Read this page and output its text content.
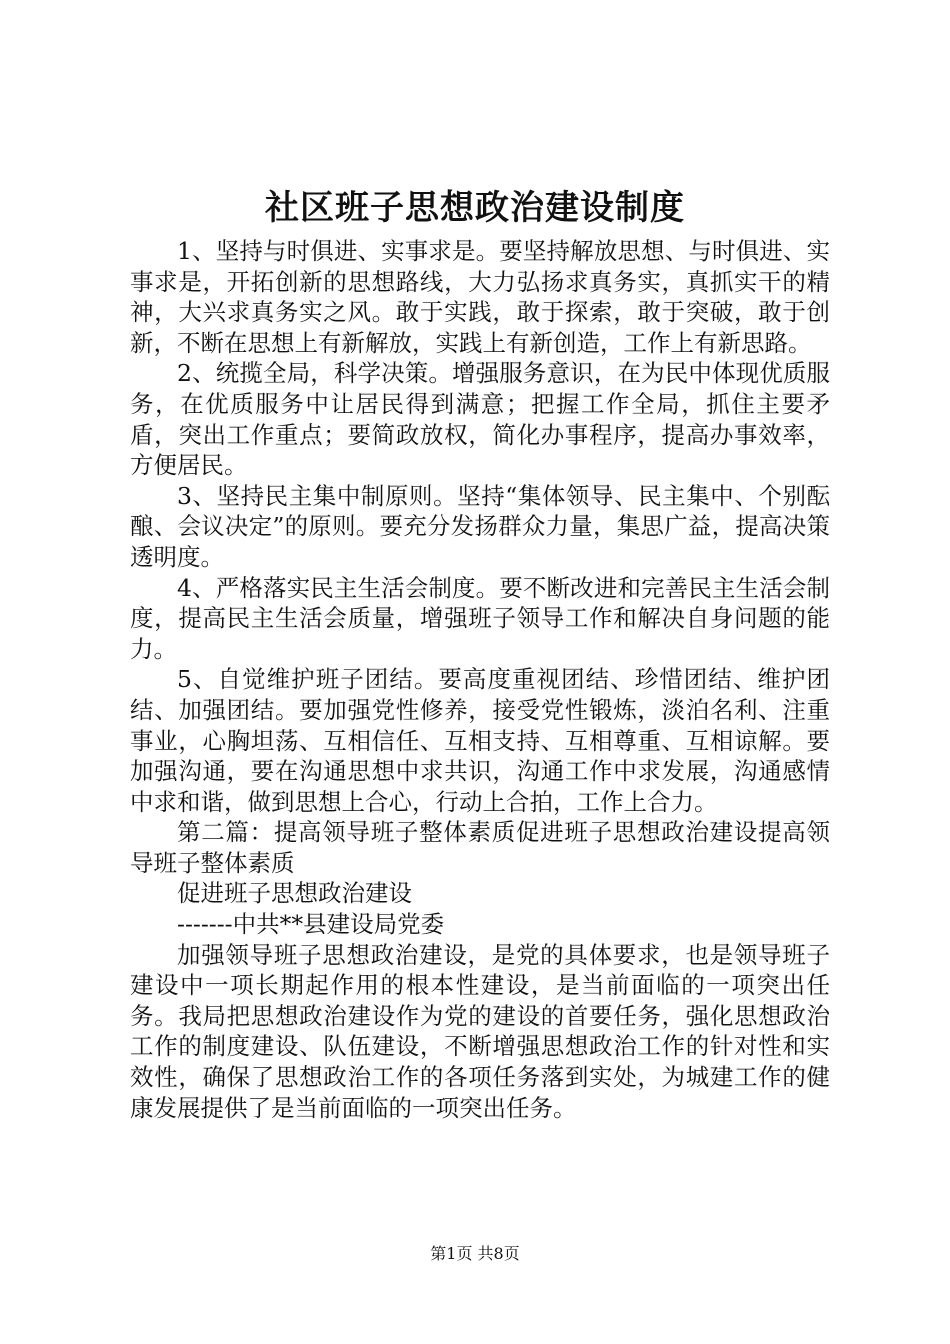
社区班子思想政治建设制度

1、坚持与时俱进、实事求是。要坚持解放思想、与时俱进、实事求是，开拓创新的思想路线，大力弘扬求真务实，真抓实干的精神，大兴求真务实之风。敢于实践，敢于探索，敢于突破，敢于创新，不断在思想上有新解放，实践上有新创造，工作上有新思路。

2、统揽全局，科学决策。增强服务意识，在为民中体现优质服务，在优质服务中让居民得到满意；把握工作全局，抓住主要矛盾，突出工作重点；要简政放权，简化办事程序，提高办事效率，方便居民。

3、坚持民主集中制原则。坚持“集体领导、民主集中、个别酝酿、会议决定”的原则。要充分发扬群众力量，集思广益，提高决策透明度。

4、严格落实民主生活会制度。要不断改进和完善民主生活会制度，提高民主生活会质量，增强班子领导工作和解决自身问题的能力。

5、自觉维护班子团结。要高度重视团结、珍惜团结、维护团结、加强团结。要加强党性修养，接受党性锻炼，淡泊名利、注重事业，心胸坦荡、互相信任、互相支持、互相尊重、互相谅解。要加强沟通，要在沟通思想中求共识，沟通工作中求发展，沟通感情中求和谐，做到思想上合心，行动上合拍，工作上合力。

第二篇：提高领导班子整体素质促进班子思想政治建设提高领导班子整体素质

促进班子思想政治建设

-------中共**县建设局党委

加强领导班子思想政治建设，是党的具体要求，也是领导班子建设中一项长期起作用的根本性建设，是当前面临的一项突出任务。我局把思想政治建设作为党的建设的首要任务，强化思想政治工作的制度建设、队伍建设，不断增强思想政治工作的针对性和实效性，确保了思想政治工作的各项任务落到实处，为城建工作的健康发展提供了是当前面临的一项突出任务。

第1页 共8页
